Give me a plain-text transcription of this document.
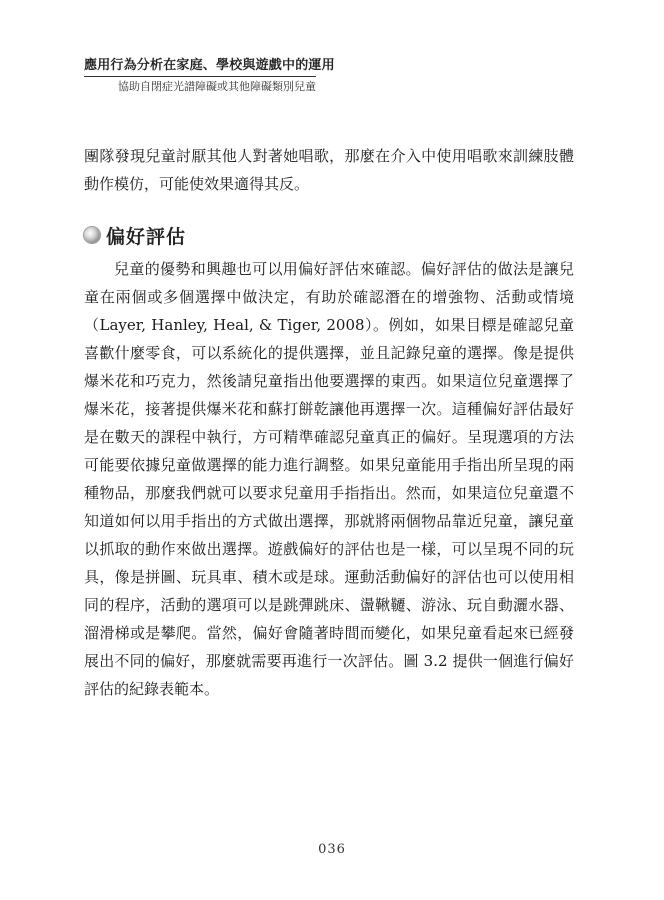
應用行為分析在家庭、學校與遊戲中的運用
協助自閉症光譜障礙或其他障礙類別兒童
團隊發現兒童討厭其他人對著她唱歌，那麼在介入中使用唱歌來訓練肢體動作模仿，可能使效果適得其反。
偏好評估
兒童的優勢和興趣也可以用偏好評估來確認。偏好評估的做法是讓兒童在兩個或多個選擇中做決定，有助於確認潛在的增強物、活動或情境（Layer, Hanley, Heal, & Tiger, 2008）。例如，如果目標是確認兒童喜歡什麼零食，可以系統化的提供選擇，並且記錄兒童的選擇。像是提供爆米花和巧克力，然後請兒童指出他要選擇的東西。如果這位兒童選擇了爆米花，接著提供爆米花和蘇打餅乾讓他再選擇一次。這種偏好評估最好是在數天的課程中執行，方可精準確認兒童真正的偏好。呈現選項的方法可能要依據兒童做選擇的能力進行調整。如果兒童能用手指出所呈現的兩種物品，那麼我們就可以要求兒童用手指指出。然而，如果這位兒童還不知道如何以用手指出的方式做出選擇，那就將兩個物品靠近兒童，讓兒童以抓取的動作來做出選擇。遊戲偏好的評估也是一樣，可以呈現不同的玩具，像是拼圖、玩具車、積木或是球。運動活動偏好的評估也可以使用相同的程序，活動的選項可以是跳彈跳床、盪鞦韆、游泳、玩自動灑水器、溜滑梯或是攀爬。當然，偏好會隨著時間而變化，如果兒童看起來已經發展出不同的偏好，那麼就需要再進行一次評估。圖 3.2 提供一個進行偏好評估的紀錄表範本。
036
